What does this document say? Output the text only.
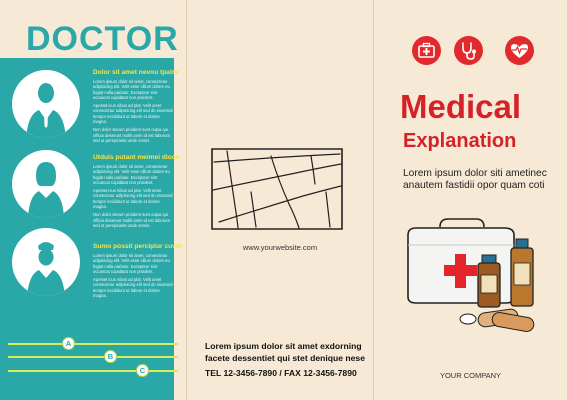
DOCTOR

Dolor sit amet nevou tpatre

Lorem ipsum dolor sit amet, consectetur adipisicing elit. Velit esse cillum dolore eu fugiat nulla pariatur. Excepteur sint occaecat cupidatat non proident.

Apestet icus nibus ad plat. Velit amet consectetur adipisicing elit sed do eiusmod tempor incididunt ut labore et dolore magna.

Non dolor siteum proident sunt culpa qui officia deserunt mollit anim id est laborum sed ut perspiciatis unde omnis.

Utduis putant meimei dioce

Lorem ipsum dolor sit amet, consectetur adipisicing elit. Velit esse cillum dolore eu fugiat nulla pariatur. Excepteur sint occaecat cupidatat non proident.

Apestet icus nibus ad plat. Velit amet consectetur adipisicing elit sed do eiusmod tempor incididunt ut labore et dolore magna.

Non dolor siteum proident sunt culpa qui officia deserunt mollit anim id est laborum sed ut perspiciatis unde omnis.

Sumo possit percipiur cuvm

Lorem ipsum dolor sit amet, consectetur adipisicing elit. Velit esse cillum dolore eu fugiat nulla pariatur. Excepteur sint occaecat cupidatat non proident.

Apestet icus nibus ad plat. Velit amet consectetur adipisicing elit sed do eiusmod tempor incididunt ut labore et dolore magna.

A
B
C
www.yourwebsite.com

Lorem ipsum dolor sit amet exdorning facete dessentiet qui stet denique nese

TEL 12-3456-7890 / FAX 12-3456-7890

Medical

Explanation

Lorem ipsum dolor siti ametinec anautem fastidii opor quam coti

YOUR COMPANY
